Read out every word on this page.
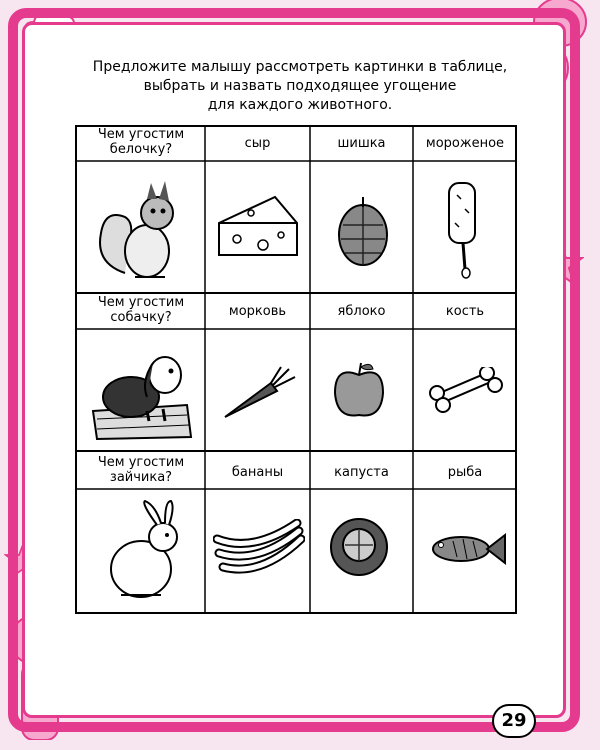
Предложите малышу рассмотреть картинки в таблице,
выбрать и назвать подходящее угощение
для каждого животного.
Чем угостим
белочку?	сыр	шишка	мороженое
Чем угостим
собачку?	морковь	яблоко	кость
Чем угостим
зайчика?	бананы	капуста	рыба
29
